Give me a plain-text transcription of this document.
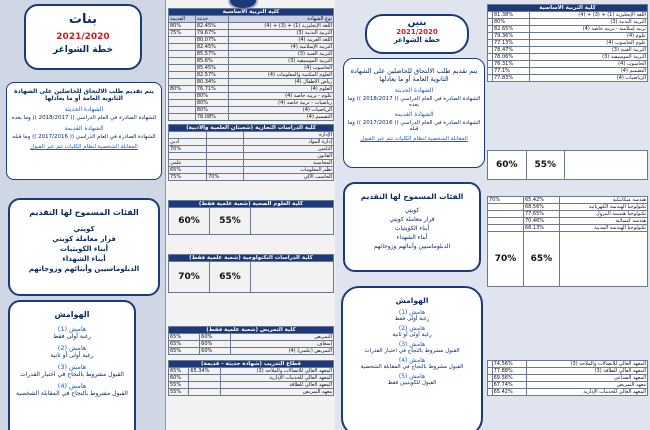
بنات
2021/2020
خطة الشواغر
يتم تقديم طلب الالتحاق للحاصلين على الشهادة الثانوية العامة أو ما يعادلها
الشهادة الحديثة
الشهادة الصادرة في العام الدراسي (( 2018/2017 )) وما بعده
الشهادة القديمة
الشهادة الصادرة في العام الدراسي (( 2017/2016 )) وما قبله
المقابلة الشخصية لنظام الكليات تتم عبر القبول
الفئات المسموح لها التقديم
كويتي
قرار معاملة كويتي
أبناء الكويتيات
أبناء الشهداء
الدبلوماسيين وأبنائهم وزوجاتهم
الهوامش
هامش (1)
رغبة أولى فقط
هامش (2)
رغبة أولى أو ثانية
هامش (3)
القبول مشروط بالنجاح في اختبار القدرات
هامش (4)
القبول مشروط بالنجاح في المقابلة الشخصية
كلية التربية الأساسية		
القديمة	حديثة	نوع الشهادة
80%	82.45%	اللغة الإنجليزية (1) + (3) + (4)
75%	79.67%	التربية البدنية (3)
	80.07%	اللغة العربية (4)
	82.45%	التربية الإسلامية (4)
	85.57%	التربية الفنية (3)
	85.6%	التربية الموسيقية (3)
	85.45%	الحاسوب (4)
	82.57%	العلوم المكتبية والمعلومات (4)
	80.34%	رياض الأطفال (4)
80%	76.71%	العلوم (4)
	80%	علوم - تربية خاصة (4)
	80%	رياضيات - تربية خاصة (4)
	80%	الرياضيات (4)
	78.08%	التصميم (4)
كلية الدراسات التجارية (شعبتان العلمية والأدبية)		
		الإدارة
أدبي		إدارة المواد
70%		التأمين
		القانون
علمي		المحاسبة
65%		نظم المعلومات
75%	70%	الحاسب الآلي
كلية العلوم الصحية (شعبة علمية فقط)
60%	55%	
كلية الدراسات التكنولوجية (شعبة علمية فقط)
70%	65%	
كلية التمريض (شعبة علمية فقط)		
65%	60%	التمريض
65%	60%	إسعاف
65%	60%	التمريض (علمي) (4)
قطاع التدريب (شهادة حديثة - قديمة)		
65%	65.34%	المعهد العالي للاتصالات والملاحة (3)
60%		المعهد العالي للخدمات الإدارية
55%		المعهد العالي للطاقة
55%		معهد التمريض
بنين
2021/2020
خطة الشواغر
يتم تقديم طلب الالتحاق للحاصلين على الشهادة الثانوية العامة أو ما يعادلها
الشهادة الحديثة
الشهادة الصادرة في العام الدراسي (( 2018/2017 )) وما بعده
الشهادة القديمة
الشهادة الصادرة في العام الدراسي (( 2017/2016 )) وما قبله
المقابلة الشخصية لنظام الكليات تتم عبر القبول
الفئات المسموح لها التقديم
كويتي
قرار معاملة كويتي
أبناء الكويتيات
أبناء الشهداء
الدبلوماسيين وأبنائهم وزوجاتهم
الهوامش
هامش (1)
رغبة أولى فقط
هامش (2)
رغبة أولى أو ثانية
هامش (3)
القبول مشروط بالنجاح في اختبار القدرات
هامش (4)
القبول مشروط بالنجاح في المقابلة الشخصية
هامش (5)
القبول للكويتيين فقط
كلية التربية الأساسية		
	81.38%	اللغة الإنجليزية (1) + (3) + (4)
	80%	التربية البدنية (3)
	82.65%	تربية إسلامية - تربية خاصة (4)
	79.36%	علوم (4)
	77.13%	علوم الحاسوب (4)
	78.47%	التربية الفنية (3)
	78.06%	التربية الموسيقية (3)
	76.31%	الحاسوب (4)
	77.1%	التصميم (4)
	77.83%	الرياضيات (4)
60%	55%	
70%	65.42%	هندسة ميكانيكية
	68.56%	تكنولوجيا الهندسة الكهربائية
	77.65%	تكنولوجيا هندسة البترول
	70.46%	هندسة كيميائية
	68.13%	تكنولوجيا الهندسة المدنية
70%	65%	
	74.56%	المعهد العالي للاتصالات والملاحة (3)
	77.88%	المعهد العالي للطاقة (3)
	69.56%	المعهد الصناعي
	67.74%	معهد التمريض
	65.42%	المعهد العالي للخدمات الإدارية
